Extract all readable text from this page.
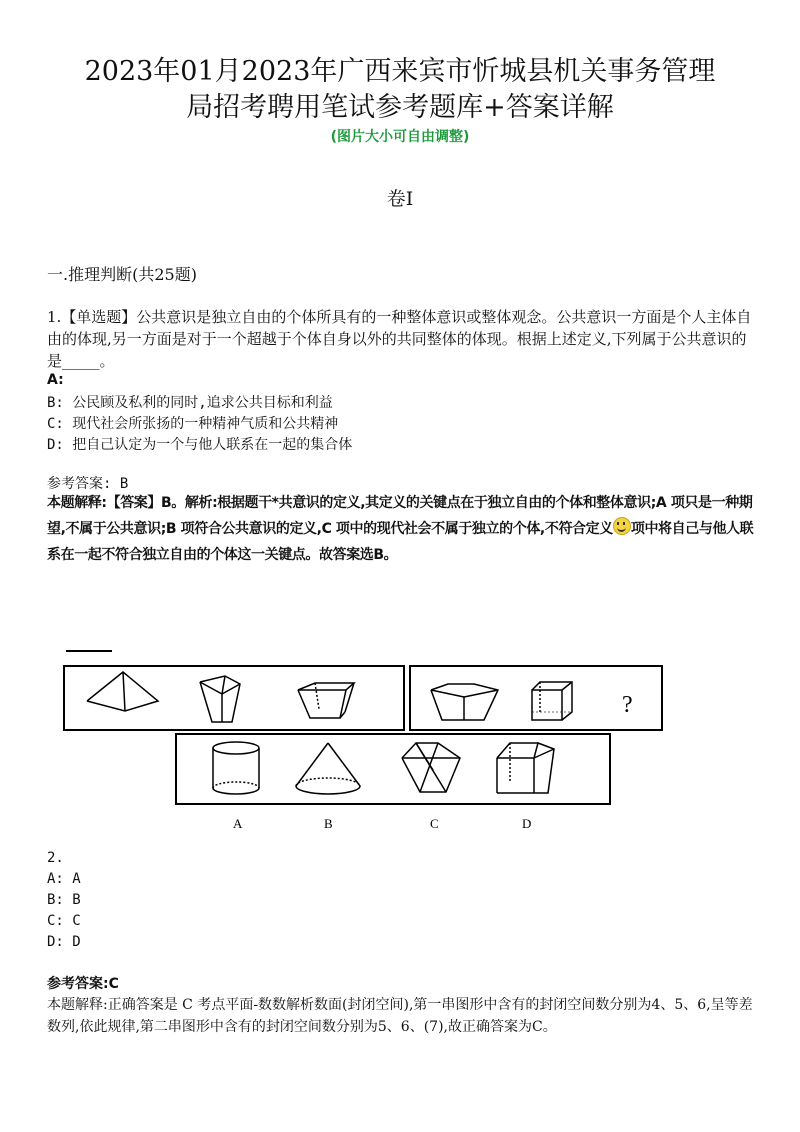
2023年01月2023年广西来宾市忻城县机关事务管理
局招考聘用笔试参考题库+答案详解
(图片大小可自由调整)
卷I
一.推理判断(共25题)
1.【单选题】公共意识是独立自由的个体所具有的一种整体意识或整体观念。公共意识一方面是个人主体自由的体现,另一方面是对于一个超越于个体自身以外的共同整体的体现。根据上述定义,下列属于公共意识的是_____。
A:
B: 公民顾及私利的同时,追求公共目标和利益
C: 现代社会所张扬的一种精神气质和公共精神
D: 把自己认定为一个与他人联系在一起的集合体
参考答案: B
本题解释:【答案】B。解析:根据题干*共意识的定义,其定义的关键点在于独立自由的个体和整体意识;A 项只是一种期望,不属于公共意识;B 项符合公共意识的定义,C 项中的现代社会不属于独立的个体,不符合定义 项中将自己与他人联系在一起不符合独立自由的个体这一关键点。故答案选B。
?
A	B	C	D
2.
A: A
B: B
C: C
D: D
参考答案:C
本题解释:正确答案是 C 考点平面-数数解析数面(封闭空间),第一串图形中含有的封闭空间数分别为4、5、6,呈等差数列,依此规律,第二串图形中含有的封闭空间数分别为5、6、(7),故正确答案为C。
